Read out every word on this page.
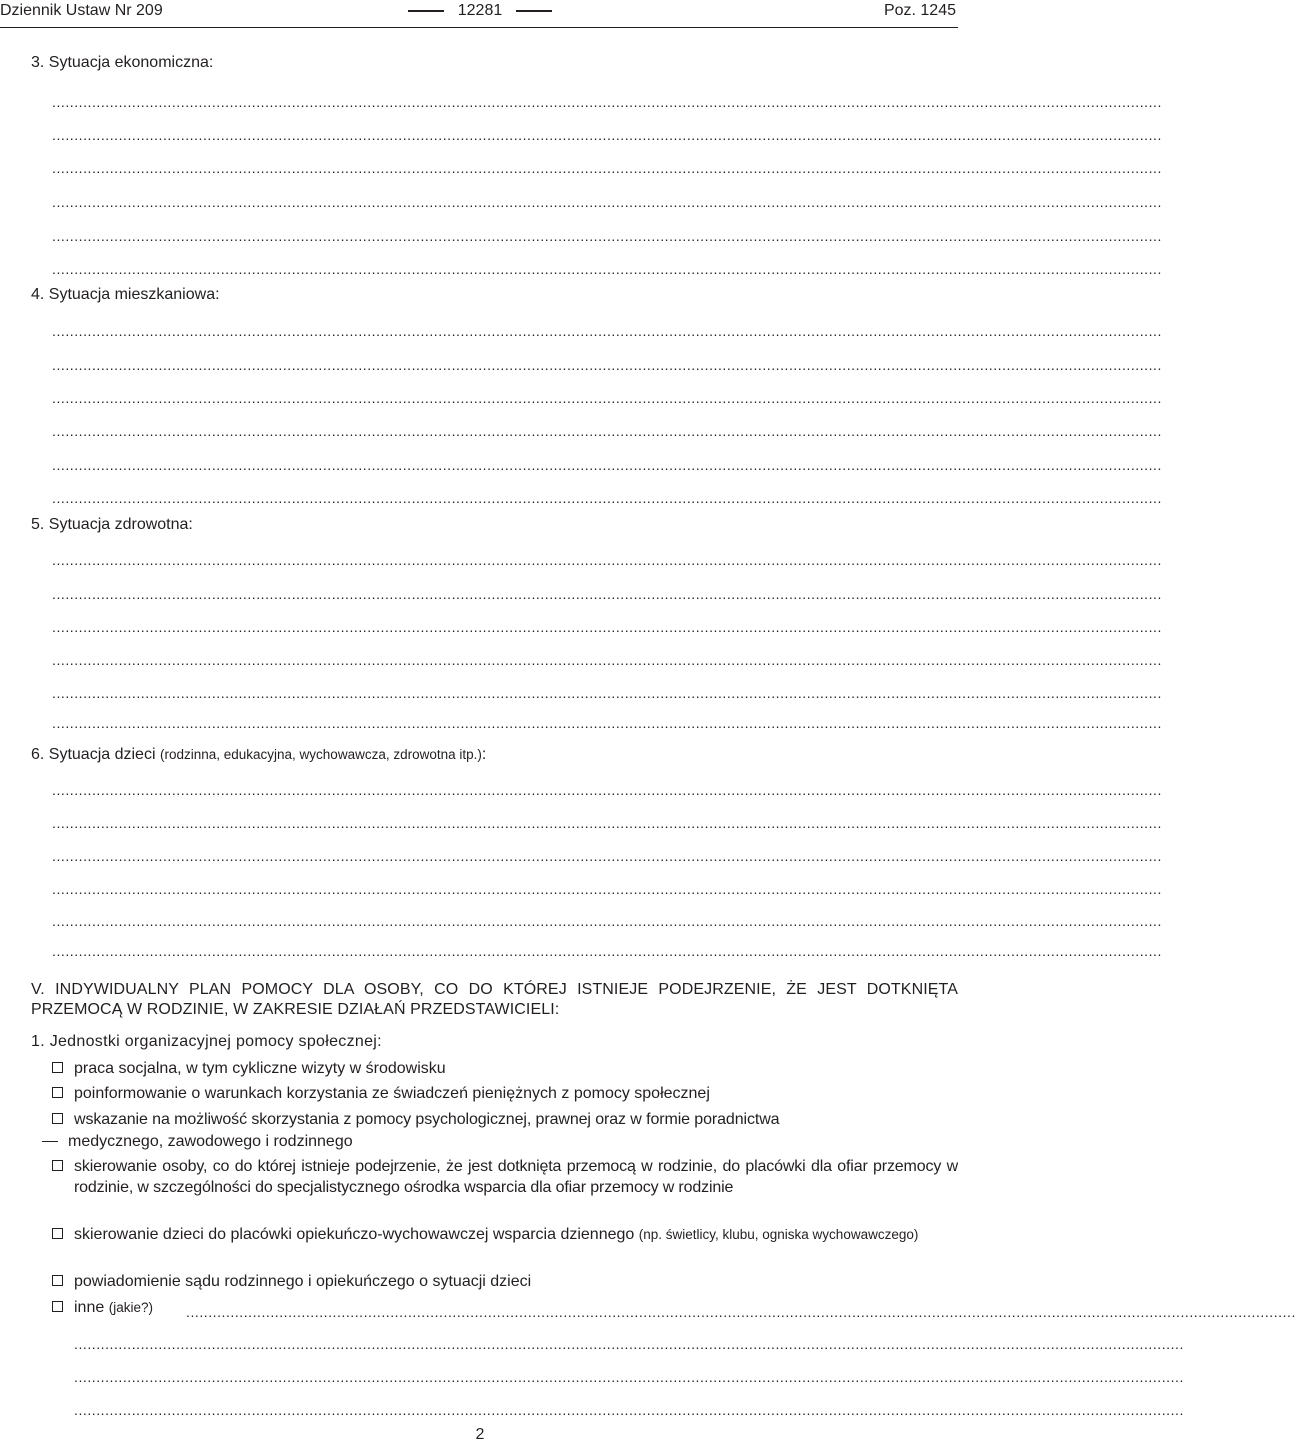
Dziennik Ustaw Nr 209	12281	Poz. 1245
3. Sytuacja ekonomiczna:
..........................................................................................................................................................................................................................................................
..........................................................................................................................................................................................................................................................
..........................................................................................................................................................................................................................................................
..........................................................................................................................................................................................................................................................
..........................................................................................................................................................................................................................................................
..........................................................................................................................................................................................................................................................
4. Sytuacja mieszkaniowa:
..........................................................................................................................................................................................................................................................
..........................................................................................................................................................................................................................................................
..........................................................................................................................................................................................................................................................
..........................................................................................................................................................................................................................................................
..........................................................................................................................................................................................................................................................
..........................................................................................................................................................................................................................................................
5. Sytuacja zdrowotna:
..........................................................................................................................................................................................................................................................
..........................................................................................................................................................................................................................................................
..........................................................................................................................................................................................................................................................
..........................................................................................................................................................................................................................................................
..........................................................................................................................................................................................................................................................
..........................................................................................................................................................................................................................................................
6. Sytuacja dzieci (rodzinna, edukacyjna, wychowawcza, zdrowotna itp.):
..........................................................................................................................................................................................................................................................
..........................................................................................................................................................................................................................................................
..........................................................................................................................................................................................................................................................
..........................................................................................................................................................................................................................................................
..........................................................................................................................................................................................................................................................
..........................................................................................................................................................................................................................................................
V. INDYWIDUALNY PLAN POMOCY DLA OSOBY, CO DO KTÓREJ ISTNIEJE PODEJRZENIE, ŻE JEST DOTKNIĘTA PRZEMOCĄ W RODZINIE, W ZAKRESIE DZIAŁAŃ PRZEDSTAWICIELI:
1. Jednostki organizacyjnej pomocy społecznej:
praca socjalna, w tym cykliczne wizyty w środowisku
poinformowanie o warunkach korzystania ze świadczeń pieniężnych z pomocy społecznej
wskazanie na możliwość skorzystania z pomocy psychologicznej, prawnej oraz w formie poradnictwa
medycznego, zawodowego i rodzinnego
skierowanie osoby, co do której istnieje podejrzenie, że jest dotknięta przemocą w rodzinie, do placówki dla ofiar przemocy w rodzinie, w szczególności do specjalistycznego ośrodka wsparcia dla ofiar przemocy w rodzinie
skierowanie dzieci do placówki opiekuńczo-wychowawczej wsparcia dziennego (np. świetlicy, klubu, ogniska wychowawczego)
powiadomienie sądu rodzinnego i opiekuńczego o sytuacji dzieci
inne (jakie?)	..........................................................................................................................................................................................................................................................
..........................................................................................................................................................................................................................................................
..........................................................................................................................................................................................................................................................
..........................................................................................................................................................................................................................................................
2
